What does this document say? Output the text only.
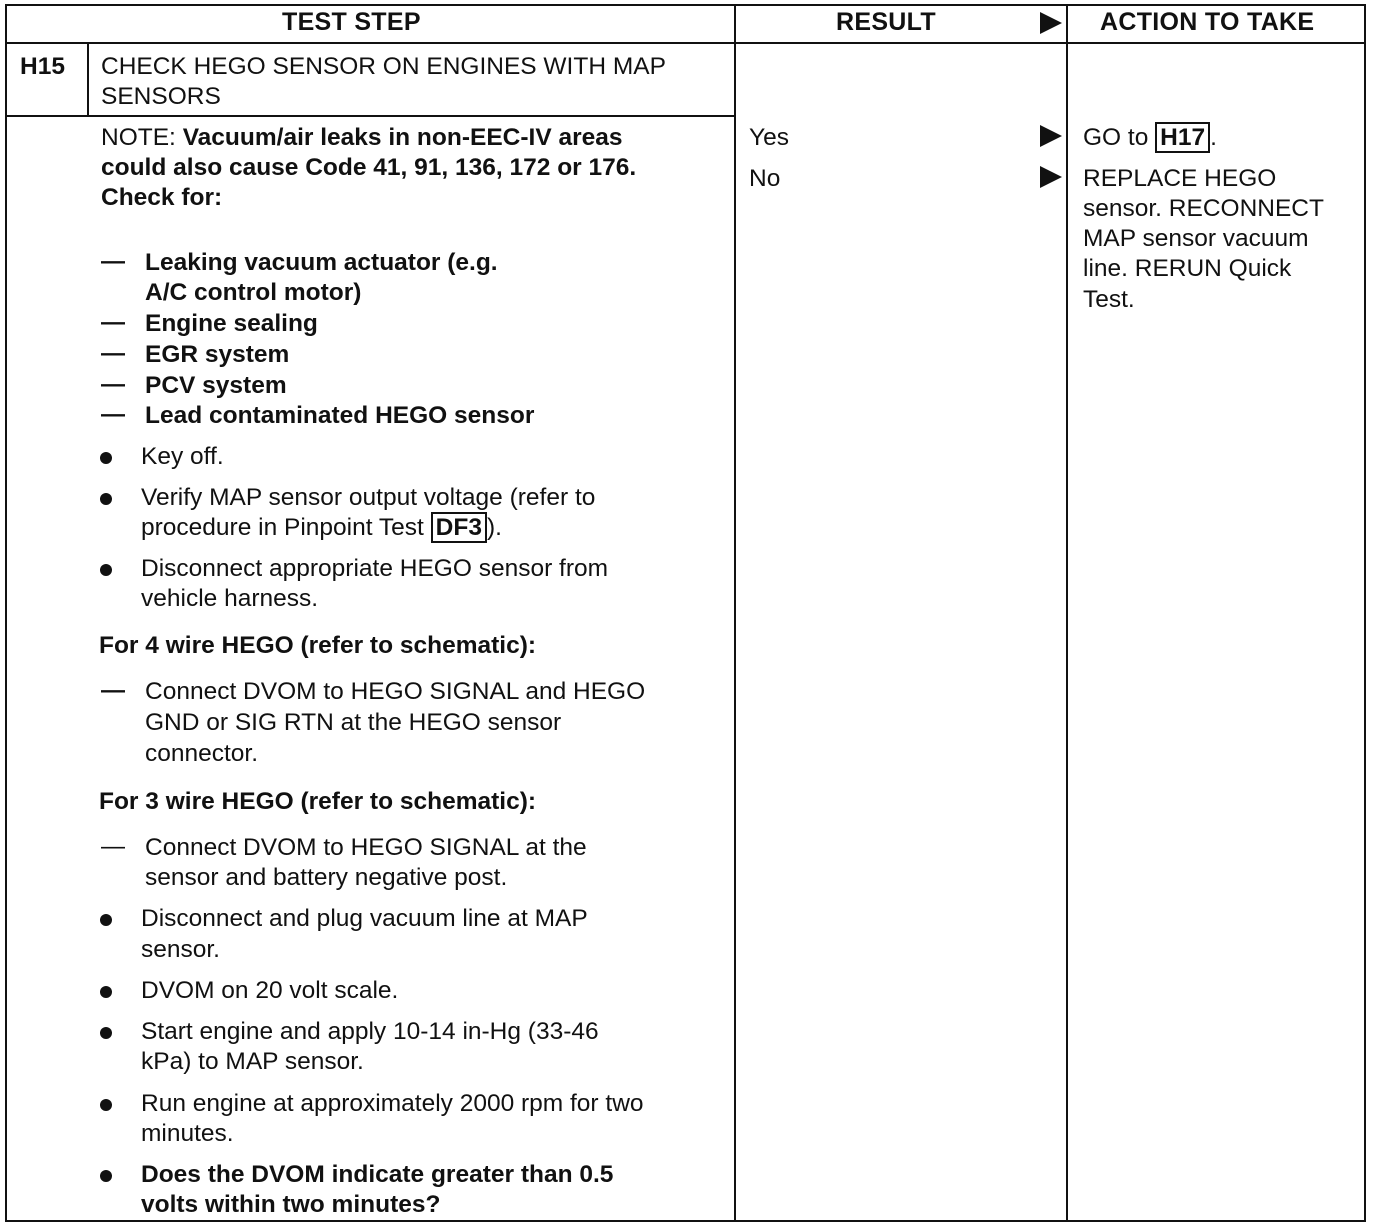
TEST STEP	RESULT	ACTION TO TAKE
H15 CHECK HEGO SENSOR ON ENGINES WITH MAP
SENSORS
NOTE: Vacuum/air leaks in non-EEC-IV areas
could also cause Code 41, 91, 136, 172 or 176.
Check for:
— Leaking vacuum actuator (e.g.
A/C control motor)
— Engine sealing
— EGR system
— PCV system
— Lead contaminated HEGO sensor
Key off.
Verify MAP sensor output voltage (refer to
procedure in Pinpoint Test DF3 ).
Disconnect appropriate HEGO sensor from
vehicle harness.
For 4 wire HEGO (refer to schematic):
— Connect DVOM to HEGO SIGNAL and HEGO
GND or SIG RTN at the HEGO sensor
connector.
For 3 wire HEGO (refer to schematic):
— Connect DVOM to HEGO SIGNAL at the
sensor and battery negative post.
Disconnect and plug vacuum line at MAP
sensor.
DVOM on 20 volt scale.
Start engine and apply 10-14 in-Hg (33-46
kPa) to MAP sensor.
Run engine at approximately 2000 rpm for two
minutes.
Does the DVOM indicate greater than 0.5
volts within two minutes?
Yes
No
GO to H17 .
REPLACE HEGO
sensor. RECONNECT
MAP sensor vacuum
line. RERUN Quick
Test.
